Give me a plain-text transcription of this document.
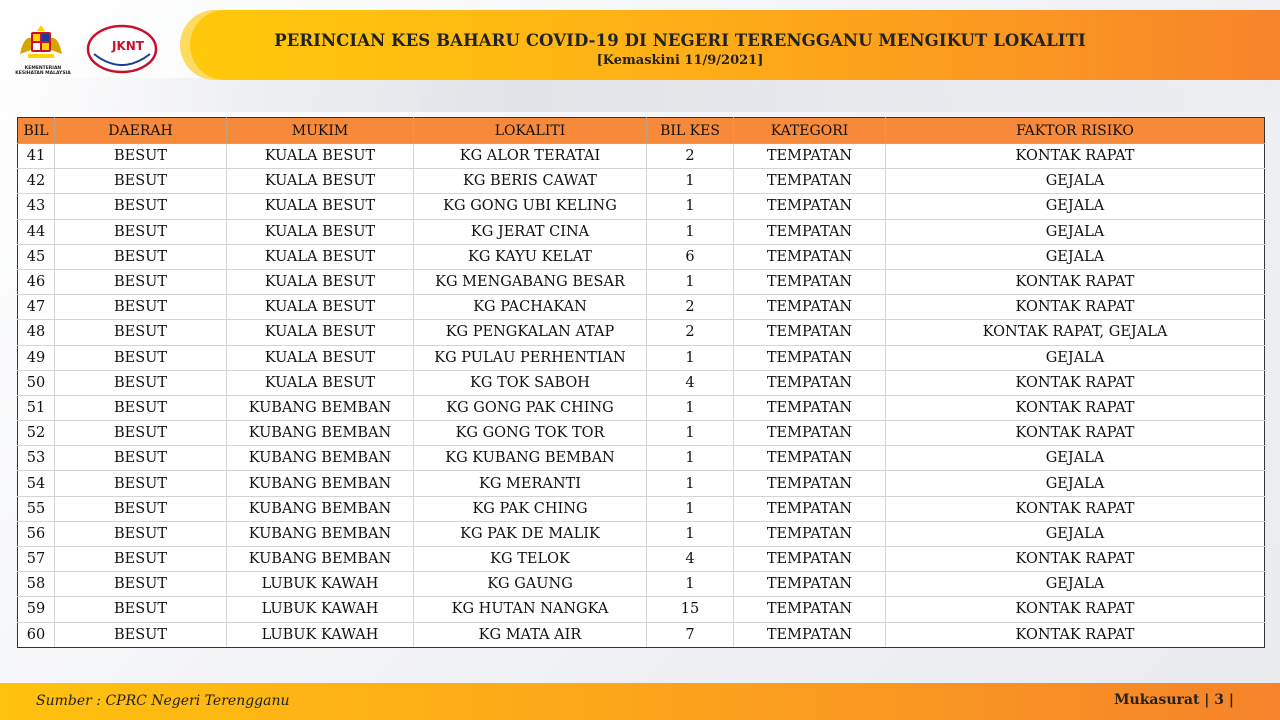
KEMENTERIAN KESIHATAN MALAYSIA
JKNT	PERINCIAN KES BAHARU COVID-19 DI NEGERI TERENGGANU MENGIKUT LOKALITI
[Kemaskini 11/9/2021]
BIL	DAERAH	MUKIM	LOKALITI	BIL KES	KATEGORI	FAKTOR RISIKO
41	BESUT	KUALA BESUT	KG ALOR TERATAI	2	TEMPATAN	KONTAK RAPAT
42	BESUT	KUALA BESUT	KG BERIS CAWAT	1	TEMPATAN	GEJALA
43	BESUT	KUALA BESUT	KG GONG UBI KELING	1	TEMPATAN	GEJALA
44	BESUT	KUALA BESUT	KG JERAT CINA	1	TEMPATAN	GEJALA
45	BESUT	KUALA BESUT	KG KAYU KELAT	6	TEMPATAN	GEJALA
46	BESUT	KUALA BESUT	KG MENGABANG BESAR	1	TEMPATAN	KONTAK RAPAT
47	BESUT	KUALA BESUT	KG PACHAKAN	2	TEMPATAN	KONTAK RAPAT
48	BESUT	KUALA BESUT	KG PENGKALAN ATAP	2	TEMPATAN	KONTAK RAPAT, GEJALA
49	BESUT	KUALA BESUT	KG PULAU PERHENTIAN	1	TEMPATAN	GEJALA
50	BESUT	KUALA BESUT	KG TOK SABOH	4	TEMPATAN	KONTAK RAPAT
51	BESUT	KUBANG BEMBAN	KG GONG PAK CHING	1	TEMPATAN	KONTAK RAPAT
52	BESUT	KUBANG BEMBAN	KG GONG TOK TOR	1	TEMPATAN	KONTAK RAPAT
53	BESUT	KUBANG BEMBAN	KG KUBANG BEMBAN	1	TEMPATAN	GEJALA
54	BESUT	KUBANG BEMBAN	KG MERANTI	1	TEMPATAN	GEJALA
55	BESUT	KUBANG BEMBAN	KG PAK CHING	1	TEMPATAN	KONTAK RAPAT
56	BESUT	KUBANG BEMBAN	KG PAK DE MALIK	1	TEMPATAN	GEJALA
57	BESUT	KUBANG BEMBAN	KG TELOK	4	TEMPATAN	KONTAK RAPAT
58	BESUT	LUBUK KAWAH	KG GAUNG	1	TEMPATAN	GEJALA
59	BESUT	LUBUK KAWAH	KG HUTAN NANGKA	15	TEMPATAN	KONTAK RAPAT
60	BESUT	LUBUK KAWAH	KG MATA AIR	7	TEMPATAN	KONTAK RAPAT
Sumber : CPRC Negeri Terengganu	Mukasurat | 3 |
